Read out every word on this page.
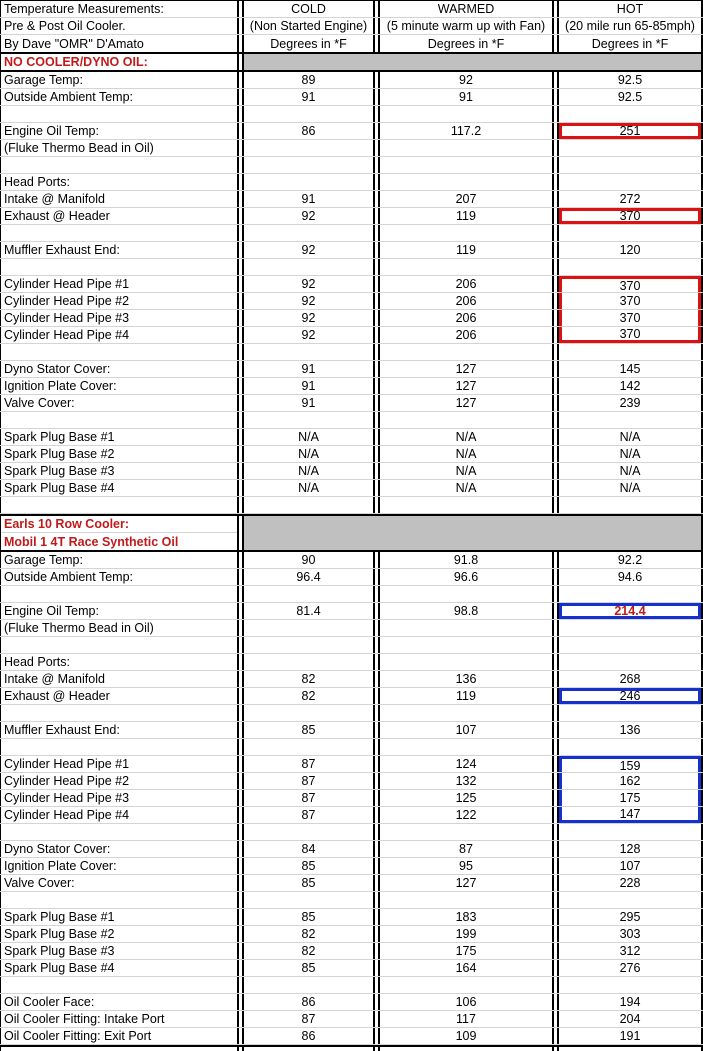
Temperature Measurements:	COLD	WARMED	HOT
Pre & Post Oil Cooler.	(Non Started Engine)	(5 minute warm up with Fan)	(20 mile run 65-85mph)
By Dave "OMR" D'Amato	Degrees in *F	Degrees in *F	Degrees in *F
NO COOLER/DYNO OIL:
Garage Temp:	89	92	92.5
Outside Ambient Temp:	91	91	92.5
Engine Oil Temp:	86	117.2	251
(Fluke Thermo Bead in Oil)
Head Ports:
Intake @ Manifold	91	207	272
Exhaust @ Header	92	119	370
Muffler Exhaust End:	92	119	120
Cylinder Head Pipe #1	92	206	370
Cylinder Head Pipe #2	92	206	370
Cylinder Head Pipe #3	92	206	370
Cylinder Head Pipe #4	92	206	370
Dyno Stator Cover:	91	127	145
Ignition Plate Cover:	91	127	142
Valve Cover:	91	127	239
Spark Plug Base #1	N/A	N/A	N/A
Spark Plug Base #2	N/A	N/A	N/A
Spark Plug Base #3	N/A	N/A	N/A
Spark Plug Base #4	N/A	N/A	N/A
Earls 10 Row Cooler:
Mobil 1 4T Race Synthetic Oil
Garage Temp:	90	91.8	92.2
Outside Ambient Temp:	96.4	96.6	94.6
Engine Oil Temp:	81.4	98.8	214.4
(Fluke Thermo Bead in Oil)
Head Ports:
Intake @ Manifold	82	136	268
Exhaust @ Header	82	119	246
Muffler Exhaust End:	85	107	136
Cylinder Head Pipe #1	87	124	159
Cylinder Head Pipe #2	87	132	162
Cylinder Head Pipe #3	87	125	175
Cylinder Head Pipe #4	87	122	147
Dyno Stator Cover:	84	87	128
Ignition Plate Cover:	85	95	107
Valve Cover:	85	127	228
Spark Plug Base #1	85	183	295
Spark Plug Base #2	82	199	303
Spark Plug Base #3	82	175	312
Spark Plug Base #4	85	164	276
Oil Cooler Face:	86	106	194
Oil Cooler Fitting: Intake Port	87	117	204
Oil Cooler Fitting: Exit Port	86	109	191
